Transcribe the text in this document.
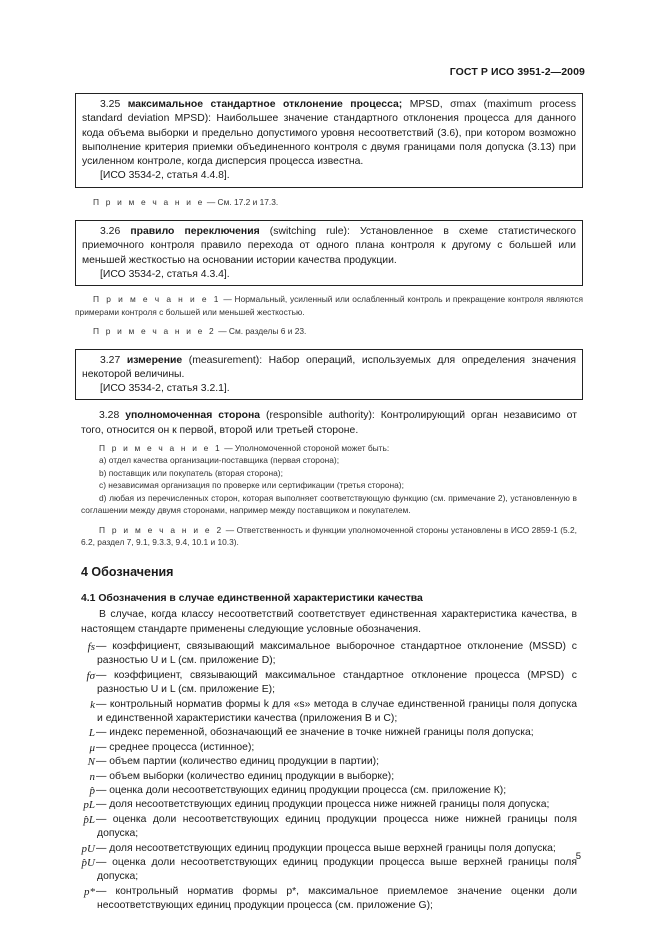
ГОСТ Р ИСО 3951-2—2009

3.25 максимальное стандартное отклонение процесса; MPSD, σmax (maximum process standard deviation MPSD): Наибольшее значение стандартного отклонения процесса для данного кода объема выборки и предельно допустимого уровня несоответствий (3.6), при котором возможно выполнение критерия приемки объединенного контроля с двумя границами поля допуска (3.13) при усиленном контроле, когда дисперсия процесса известна.

[ИСО 3534-2, статья 4.4.8].

П р и м е ч а н и е — См. 17.2 и 17.3.

3.26 правило переключения (switching rule): Установленное в схеме статистического приемочного контроля правило перехода от одного плана контроля к другому с большей или меньшей жесткостью на основании истории качества продукции.

[ИСО 3534-2, статья 4.3.4].

П р и м е ч а н и е 1 — Нормальный, усиленный или ослабленный контроль и прекращение контроля являются примерами контроля с большей или меньшей жесткостью.

П р и м е ч а н и е 2 — См. разделы 6 и 23.

3.27 измерение (measurement): Набор операций, используемых для определения значения некоторой величины.

[ИСО 3534-2, статья 3.2.1].

3.28 уполномоченная сторона (responsible authority): Контролирующий орган независимо от того, относится он к первой, второй или третьей стороне.

П р и м е ч а н и е 1 — Уполномоченной стороной может быть:

а) отдел качества организации-поставщика (первая сторона);

b) поставщик или покупатель (вторая сторона);

c) независимая организация по проверке или сертификации (третья сторона);

d) любая из перечисленных сторон, которая выполняет соответствующую функцию (см. примечание 2), установленную в соглашении между двумя сторонами, например между поставщиком и покупателем.

П р и м е ч а н и е 2 — Ответственность и функции уполномоченной стороны установлены в ИСО 2859-1 (5.2, 6.2, раздел 7, 9.1, 9.3.3, 9.4, 10.1 и 10.3).

4 Обозначения

4.1 Обозначения в случае единственной характеристики качества

В случае, когда классу несоответствий соответствует единственная характеристика качества, в настоящем стандарте применены следующие условные обозначения.

fs — коэффициент, связывающий максимальное выборочное стандартное отклонение (MSSD) с разностью U и L (см. приложение D);
fσ — коэффициент, связывающий максимальное стандартное отклонение процесса (MPSD) с разностью U и L (см. приложение E);
k — контрольный норматив формы k для «s» метода в случае единственной границы поля допуска и единственной характеристики качества (приложения B и C);
L — индекс переменной, обозначающий ее значение в точке нижней границы поля допуска;
μ — среднее процесса (истинное);
N — объем партии (количество единиц продукции в партии);
n — объем выборки (количество единиц продукции в выборке);
p̂ — оценка доли несоответствующих единиц продукции процесса (см. приложение К);
pL — доля несоответствующих единиц продукции процесса ниже нижней границы поля допуска;
p̂L — оценка доли несоответствующих единиц продукции процесса ниже нижней границы поля допуска;
pU — доля несоответствующих единиц продукции процесса выше верхней границы поля допуска;
p̂U — оценка доли несоответствующих единиц продукции процесса выше верхней границы поля допуска;
p* — контрольный норматив формы p*, максимальное приемлемое значение оценки доли несоответствующих единиц продукции процесса (см. приложение G);
5
